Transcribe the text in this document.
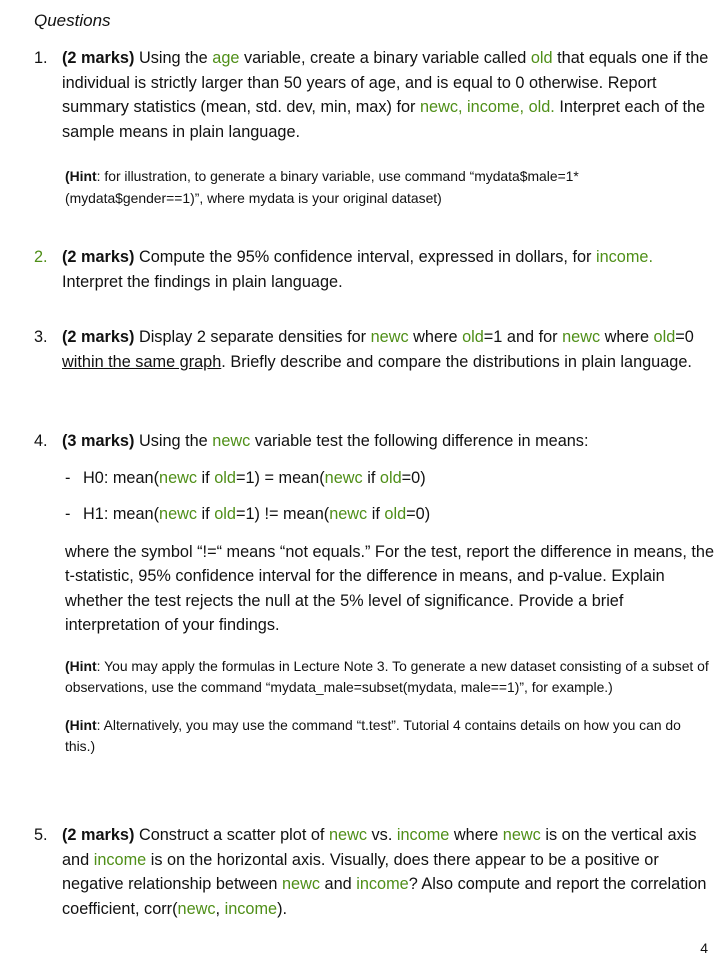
Questions
1. (2 marks) Using the age variable, create a binary variable called old that equals one if the individual is strictly larger than 50 years of age, and is equal to 0 otherwise. Report summary statistics (mean, std. dev, min, max) for newc, income, old. Interpret each of the sample means in plain language.
(Hint: for illustration, to generate a binary variable, use command “mydata$male=1*(mydata$gender==1)”, where mydata is your original dataset)
2. (2 marks) Compute the 95% confidence interval, expressed in dollars, for income. Interpret the findings in plain language.
3. (2 marks) Display 2 separate densities for newc where old=1 and for newc where old=0 within the same graph. Briefly describe and compare the distributions in plain language.
4. (3 marks) Using the newc variable test the following difference in means:
- H0: mean(newc if old=1) = mean(newc if old=0)
- H1: mean(newc if old=1) != mean(newc if old=0)
where the symbol “!=“ means “not equals.” For the test, report the difference in means, the t-statistic, 95% confidence interval for the difference in means, and p-value. Explain whether the test rejects the null at the 5% level of significance. Provide a brief interpretation of your findings.
(Hint: You may apply the formulas in Lecture Note 3. To generate a new dataset consisting of a subset of observations, use the command “mydata_male=subset(mydata, male==1)”, for example.)
(Hint: Alternatively, you may use the command “t.test”. Tutorial 4 contains details on how you can do this.)
5. (2 marks) Construct a scatter plot of newc vs. income where newc is on the vertical axis and income is on the horizontal axis. Visually, does there appear to be a positive or negative relationship between newc and income? Also compute and report the correlation coefficient, corr(newc, income).
4
